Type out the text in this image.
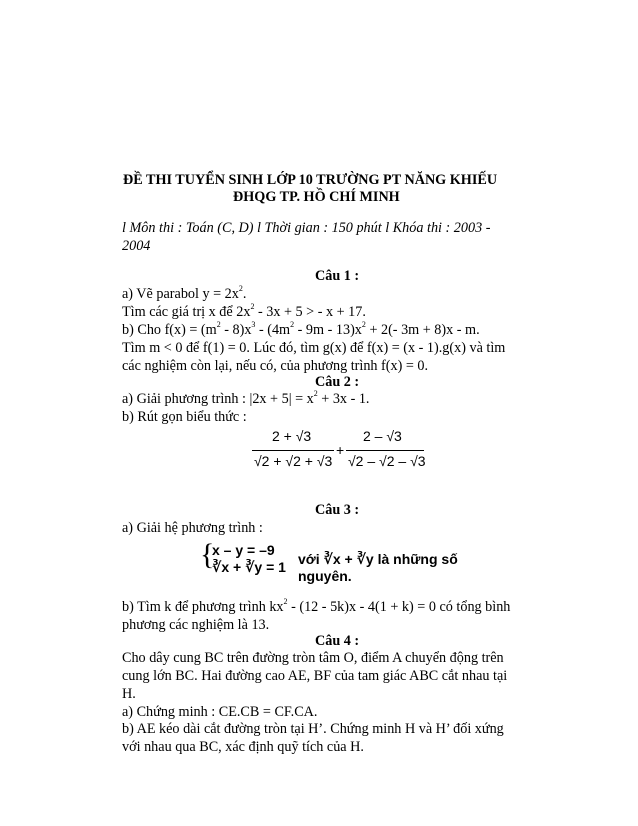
ĐỀ THI TUYỂN SINH LỚP 10 TRƯỜNG PT NĂNG KHIẾU
ĐHQG TP. HỒ CHÍ MINH
l Môn thi : Toán (C, D) l Thời gian : 150 phút l Khóa thi : 2003 -
2004
Câu 1 :
a) Vẽ parabol $y = 2x^2$.
Tìm các giá trị x để $2x^2 - 3x + 5$ > - x + 17.
b) Cho $f(x) = (m^2 - 8)x^3 - (4m^2 - 9m - 13)x^2 + 2(-$ 3m + 8)x - m.
Tìm m < 0 để f(1) = 0. Lúc đó, tìm g(x) để f(x) = (x - 1).g(x) và tìm
các nghiệm còn lại, nếu có, của phương trình f(x) = 0.
Câu 2 :
a) Giải phương trình : $|2x + 5| = x^2 + 3x - 1$.
b) Rút gọn biểu thức :
2 + √3
√2 + √2 + √3
+
2 – √3
√2 – √2 – √3
Câu 3 :
a) Giải hệ phương trình :
{
x – y = –9
∛x + ∛y = 1 với ∛x + ∛y là những số nguyên.
b) Tìm k để phương trình $kx^2 - (12 - 5k)x - 4(1 + k) = 0$ có tổng bình
phương các nghiệm là 13.
Câu 4 :
Cho dây cung BC trên đường tròn tâm O, điểm A chuyển động trên
cung lớn BC. Hai đường cao AE, BF của tam giác ABC cắt nhau tại
H.
a) Chứng minh : CE.CB = CF.CA.
b) AE kéo dài cắt đường tròn tại H’. Chứng minh H và H’ đối xứng
với nhau qua BC, xác định quỹ tích của H.
